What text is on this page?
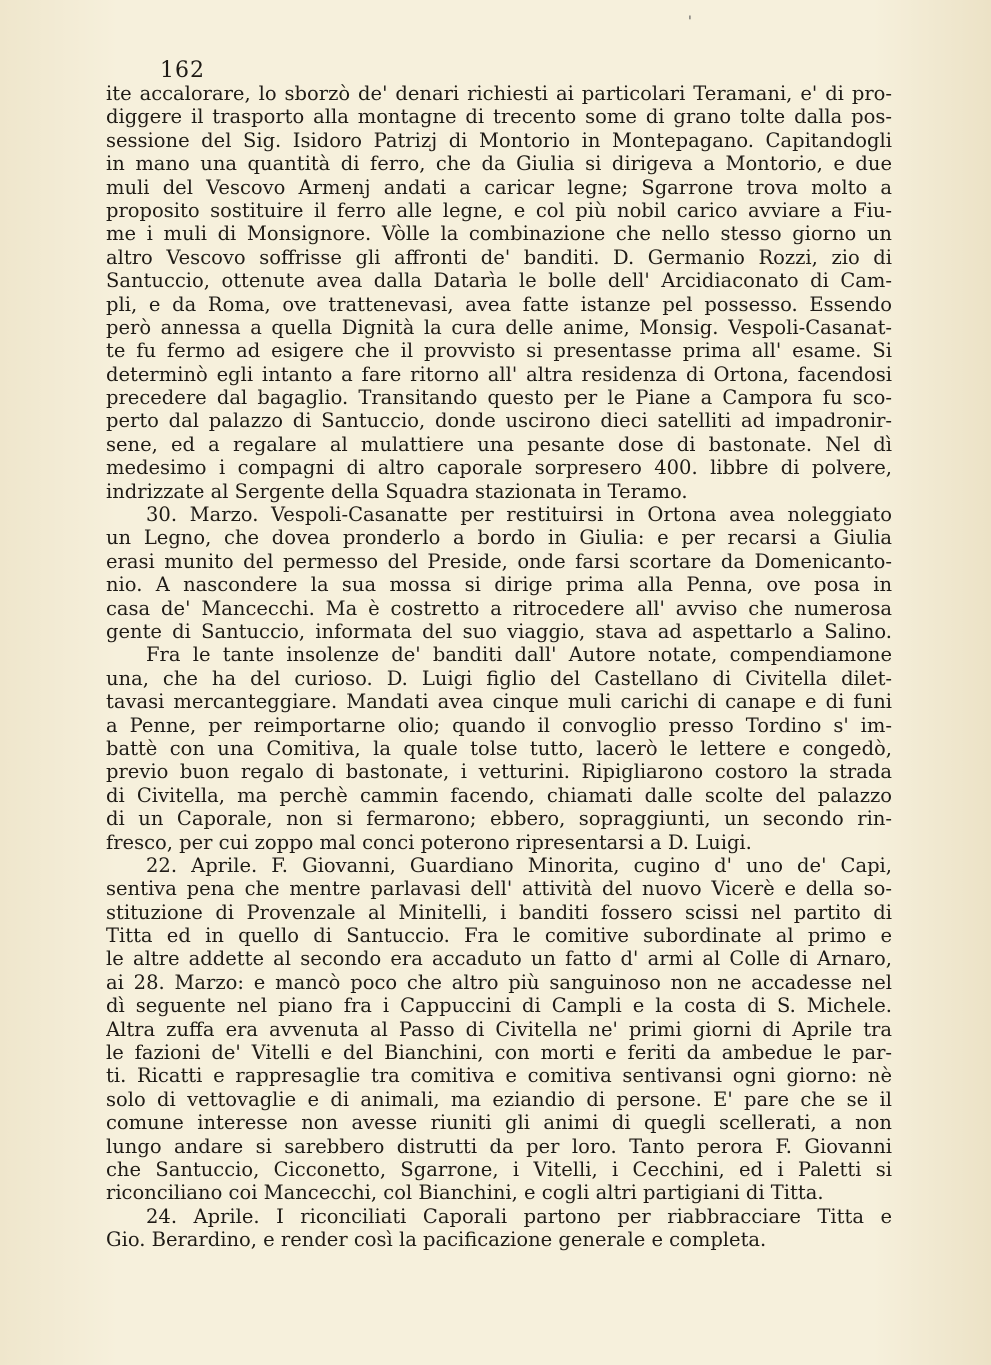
'
162
ite accalorare, lo sborzò de' denari richiesti ai particolari Teramani, e' di pro-
diggere il trasporto alla montagne di trecento some di grano tolte dalla pos-
sessione del Sig. Isidoro Patrizj di Montorio in Montepagano. Capitandogli
in mano una quantità di ferro, che da Giulia si dirigeva a Montorio, e due
muli del Vescovo Armenj andati a caricar legne; Sgarrone trova molto a
proposito sostituire il ferro alle legne, e col più nobil carico avviare a Fiu-
me i muli di Monsignore. Vòlle la combinazione che nello stesso giorno un
altro Vescovo soffrisse gli affronti de' banditi. D. Germanio Rozzi, zio di
Santuccio, ottenute avea dalla Datarìa le bolle dell' Arcidiaconato di Cam-
pli, e da Roma, ove trattenevasi, avea fatte istanze pel possesso. Essendo
però annessa a quella Dignità la cura delle anime, Monsig. Vespoli-Casanat-
te fu fermo ad esigere che il provvisto si presentasse prima all' esame. Si
determinò egli intanto a fare ritorno all' altra residenza di Ortona, facendosi
precedere dal bagaglio. Transitando questo per le Piane a Campora fu sco-
perto dal palazzo di Santuccio, donde uscirono dieci satelliti ad impadronir-
sene, ed a regalare al mulattiere una pesante dose di bastonate. Nel dì
medesimo i compagni di altro caporale sorpresero 400. libbre di polvere,
indrizzate al Sergente della Squadra stazionata in Teramo.
30. Marzo. Vespoli-Casanatte per restituirsi in Ortona avea noleggiato
un Legno, che dovea pronderlo a bordo in Giulia: e per recarsi a Giulia
erasi munito del permesso del Preside, onde farsi scortare da Domenicanto-
nio. A nascondere la sua mossa si dirige prima alla Penna, ove posa in
casa de' Mancecchi. Ma è costretto a ritrocedere all' avviso che numerosa
gente di Santuccio, informata del suo viaggio, stava ad aspettarlo a Salino.
Fra le tante insolenze de' banditi dall' Autore notate, compendiamone
una, che ha del curioso. D. Luigi figlio del Castellano di Civitella dilet-
tavasi mercanteggiare. Mandati avea cinque muli carichi di canape e di funi
a Penne, per reimportarne olio; quando il convoglio presso Tordino s' im-
battè con una Comitiva, la quale tolse tutto, lacerò le lettere e congedò,
previo buon regalo di bastonate, i vetturini. Ripigliarono costoro la strada
di Civitella, ma perchè cammin facendo, chiamati dalle scolte del palazzo
di un Caporale, non si fermarono; ebbero, sopraggiunti, un secondo rin-
fresco, per cui zoppo mal conci poterono ripresentarsi a D. Luigi.
22. Aprile. F. Giovanni, Guardiano Minorita, cugino d' uno de' Capi,
sentiva pena che mentre parlavasi dell' attività del nuovo Vicerè e della so-
stituzione di Provenzale al Minitelli, i banditi fossero scissi nel partito di
Titta ed in quello di Santuccio. Fra le comitive subordinate al primo e
le altre addette al secondo era accaduto un fatto d' armi al Colle di Arnaro,
ai 28. Marzo: e mancò poco che altro più sanguinoso non ne accadesse nel
dì seguente nel piano fra i Cappuccini di Campli e la costa di S. Michele.
Altra zuffa era avvenuta al Passo di Civitella ne' primi giorni di Aprile tra
le fazioni de' Vitelli e del Bianchini, con morti e feriti da ambedue le par-
ti. Ricatti e rappresaglie tra comitiva e comitiva sentivansi ogni giorno: nè
solo di vettovaglie e di animali, ma eziandio di persone. E' pare che se il
comune interesse non avesse riuniti gli animi di quegli scellerati, a non
lungo andare si sarebbero distrutti da per loro. Tanto perora F. Giovanni
che Santuccio, Cicconetto, Sgarrone, i Vitelli, i Cecchini, ed i Paletti si
riconciliano coi Mancecchi, col Bianchini, e cogli altri partigiani di Titta.
24. Aprile. I riconciliati Caporali partono per riabbracciare Titta e
Gio. Berardino, e render così la pacificazione generale e completa.
